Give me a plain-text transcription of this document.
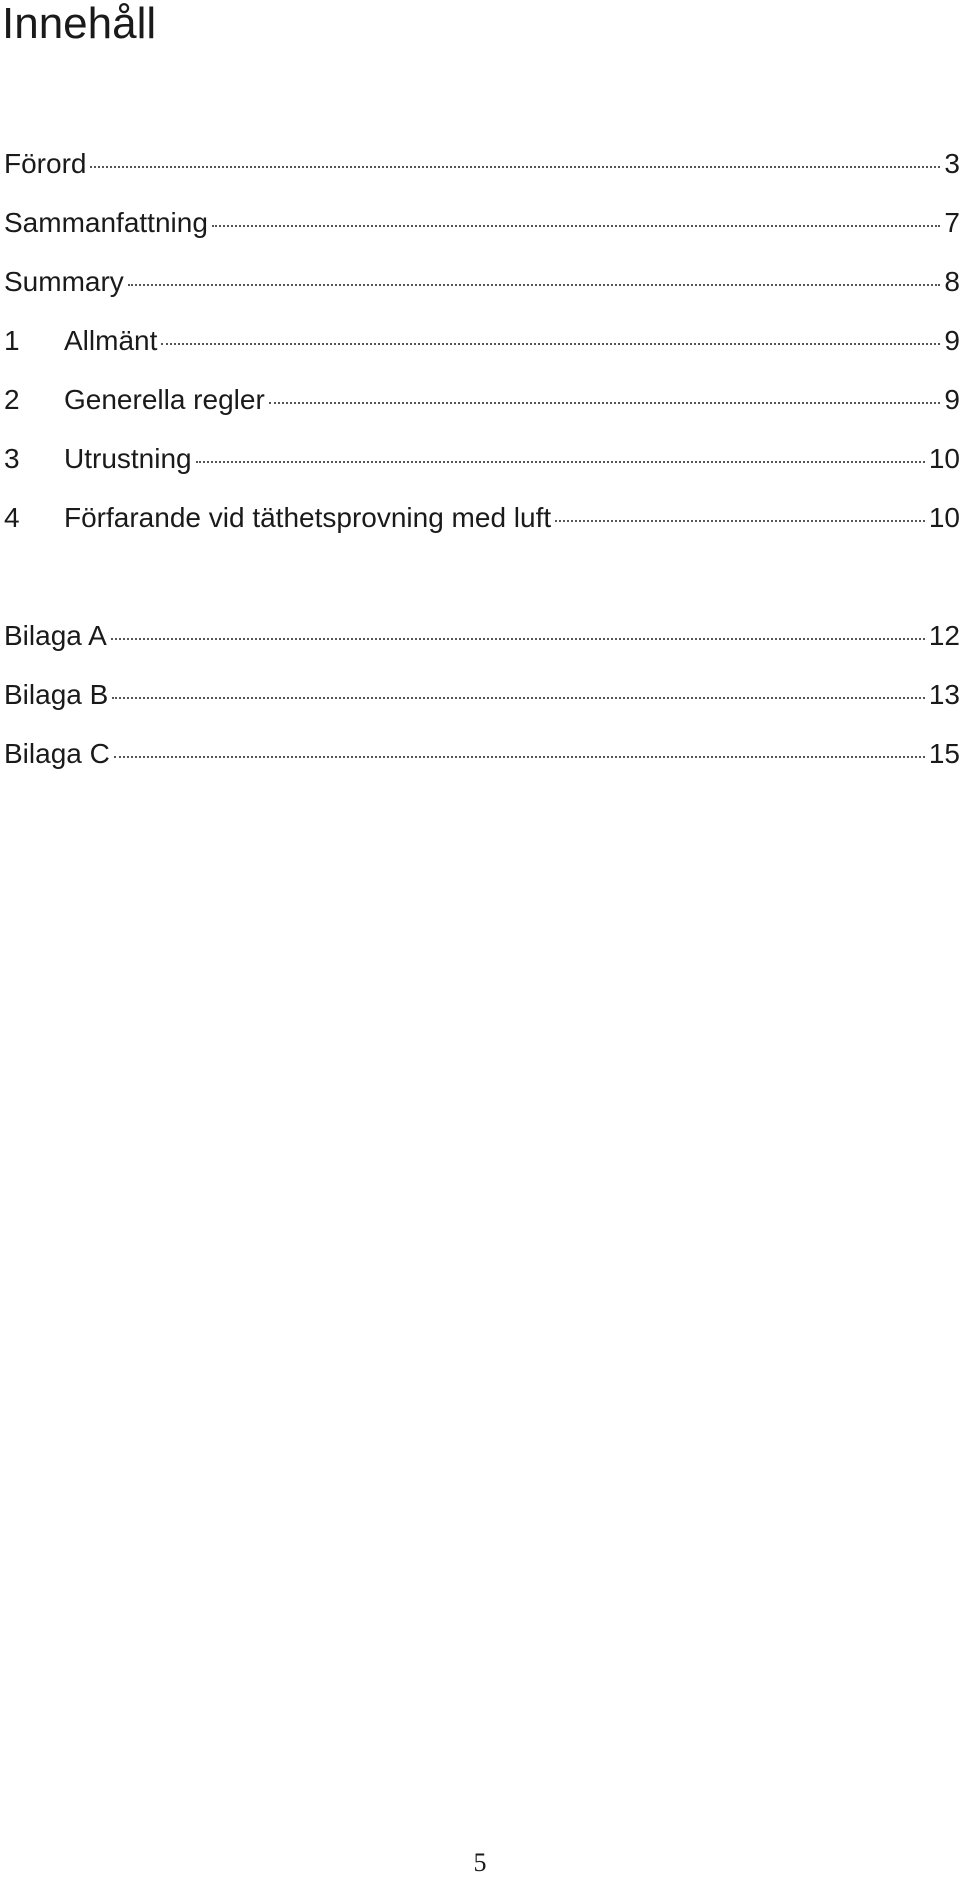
Innehåll
Förord	3
Sammanfattning	7
Summary	8
1	Allmänt	9
2	Generella regler	9
3	Utrustning	10
4	Förfarande vid täthetsprovning med luft	10
Bilaga A	12
Bilaga B	13
Bilaga C	15
5
